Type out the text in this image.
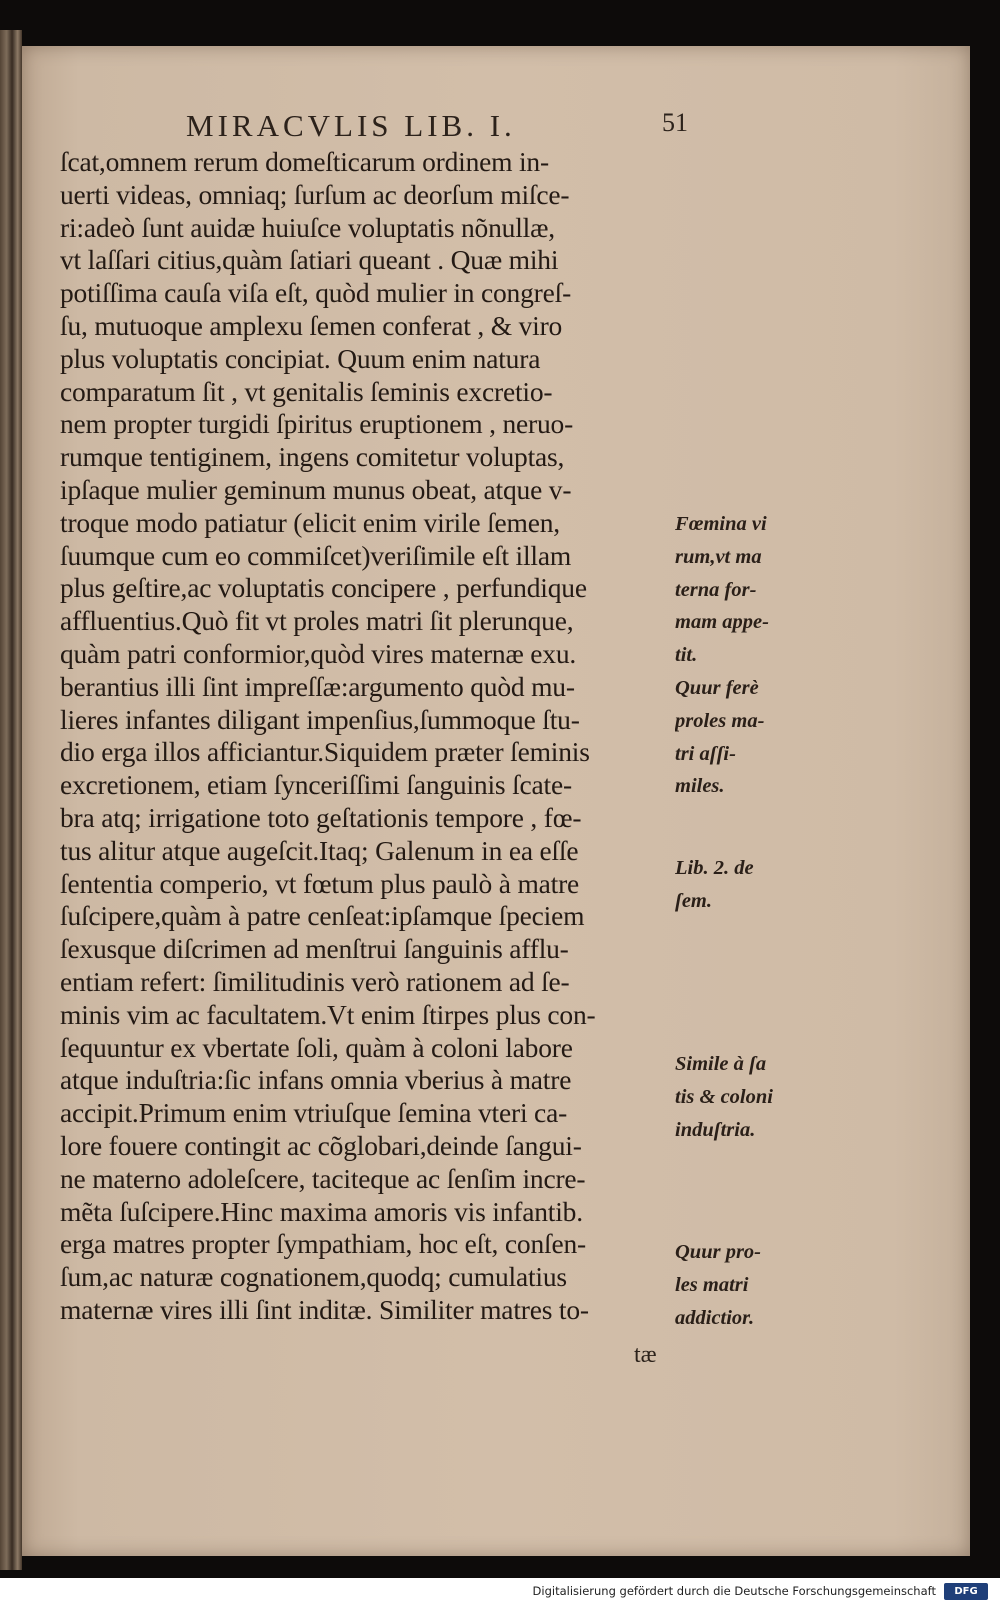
MIRACVLIS LIB. I.	51
ſcat,omnem rerum domeſticarum ordinem in-
uerti videas, omniaq; ſurſum ac deorſum miſce-
ri:adeò ſunt auidæ huiuſce voluptatis nõnullæ,
vt laſſari citius,quàm ſatiari queant . Quæ mihi
potiſſima cauſa viſa eſt, quòd mulier in congreſ-
ſu, mutuoque amplexu ſemen conferat , & viro
plus voluptatis concipiat. Quum enim natura
comparatum ſit , vt genitalis ſeminis excretio-
nem propter turgidi ſpiritus eruptionem , neruo-
rumque tentiginem, ingens comitetur voluptas,
ipſaque mulier geminum munus obeat, atque v-
troque modo patiatur (elicit enim virile ſemen,
ſuumque cum eo commiſcet)veriſimile eſt illam
plus geſtire,ac voluptatis concipere , perfundique
affluentius.Quò fit vt proles matri ſit plerunque,
quàm patri conformior,quòd vires maternæ exu.
berantius illi ſint impreſſæ:argumento quòd mu-
lieres infantes diligant impenſius,ſummoque ſtu-
dio erga illos afficiantur.Siquidem præter ſeminis
excretionem, etiam ſynceriſſimi ſanguinis ſcate-
bra atq; irrigatione toto geſtationis tempore , fœ-
tus alitur atque augeſcit.Itaq; Galenum in ea eſſe
ſententia comperio, vt fœtum plus paulò à matre
ſuſcipere,quàm à patre cenſeat:ipſamque ſpeciem
ſexusque diſcrimen ad menſtrui ſanguinis afflu-
entiam refert: ſimilitudinis verò rationem ad ſe-
minis vim ac facultatem.Vt enim ſtirpes plus con-
ſequuntur ex vbertate ſoli, quàm à coloni labore
atque induſtria:ſic infans omnia vberius à matre
accipit.Primum enim vtriuſque ſemina vteri ca-
lore fouere contingit ac cõglobari,deinde ſangui-
ne materno adoleſcere, taciteque ac ſenſim incre-
mẽta ſuſcipere.Hinc maxima amoris vis infantib.
erga matres propter ſympathiam, hoc eſt, conſen-
ſum,ac naturæ cognationem,quodq; cumulatius
maternæ vires illi ſint inditæ. Similiter matres to-
Fœmina vi
rum,vt ma
terna for-
mam appe-
tit.
Quur ferè
proles ma-
tri aſſi-
miles.
Lib. 2. de
ſem.
Simile à ſa
tis & coloni
induſtria.
Quur pro-
les matri
addictior.
tæ
Digitalisierung gefördert durch die Deutsche Forschungsgemeinschaft	DFG
